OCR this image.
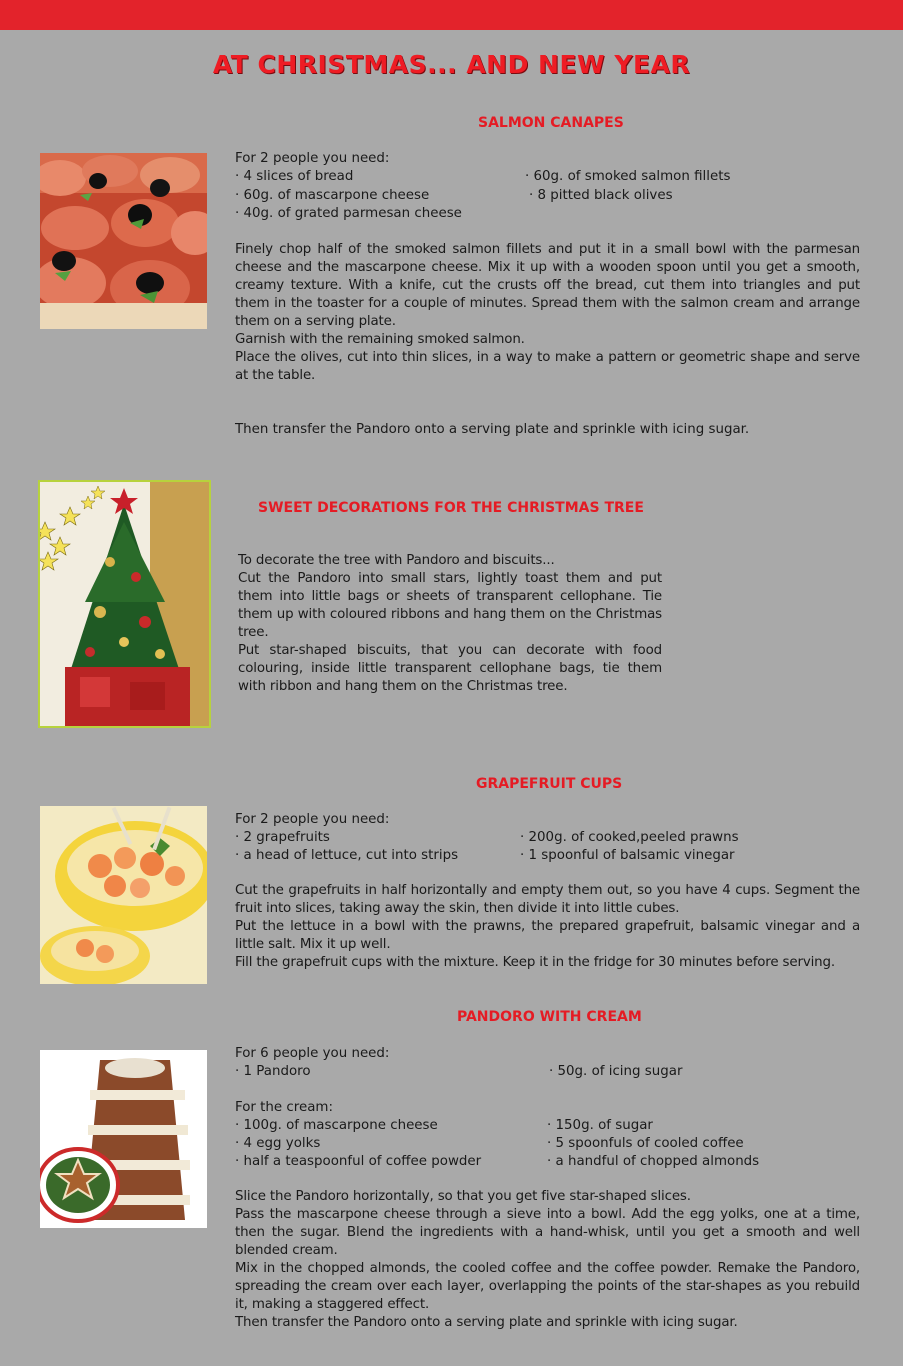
AT CHRISTMAS... AND NEW YEAR
SALMON CANAPES
For 2 people you need:
· 4 slices of bread
· 60g. of mascarpone cheese
· 40g. of grated parmesan cheese
· 60g. of smoked salmon fillets
· 8 pitted black olives

Finely chop half of the smoked salmon fillets and put it in a small bowl with the parmesan cheese and the mascarpone cheese. Mix it up with a wooden spoon until you get a smooth, creamy texture. With a knife, cut the crusts off the bread, cut them into triangles and put them in the toaster for a couple of minutes. Spread them with the salmon cream and arrange them on a serving plate.

Garnish with the remaining smoked salmon.

Place the olives, cut into thin slices, in a way to make a pattern or geometric shape and serve at the table.

Then transfer the Pandoro onto a serving plate and sprinkle with icing sugar.
SWEET DECORATIONS FOR THE CHRISTMAS TREE

To decorate the tree with Pandoro and biscuits...

Cut the Pandoro into small stars, lightly toast them and put them into little bags or sheets of transparent cellophane. Tie them up with coloured ribbons and hang them on the Christmas tree.

Put star-shaped biscuits, that you can decorate with food colouring, inside little transparent cellophane bags, tie them with ribbon and hang them on the Christmas tree.

GRAPEFRUIT CUPS
For 2 people you need:
· 2 grapefruits
· a head of lettuce, cut into strips
· 200g. of cooked,peeled prawns
· 1 spoonful of balsamic vinegar

Cut the grapefruits in half horizontally and empty them out, so you have 4 cups. Segment the fruit into slices, taking away the skin, then divide it into little cubes.

Put the lettuce in a bowl with the prawns, the prepared grapefruit, balsamic vinegar and a little salt. Mix it up well.

Fill the grapefruit cups with the mixture. Keep it in the fridge for 30 minutes before serving.

PANDORO WITH CREAM
For 6 people you need:
· 1 Pandoro	· 50g. of icing sugar
For the cream:
· 100g. of mascarpone cheese
· 4 egg yolks
· half a teaspoonful of coffee powder
· 150g. of sugar
· 5 spoonfuls of cooled coffee
· a handful of chopped almonds

Slice the Pandoro horizontally, so that you get five star-shaped slices.

Pass the mascarpone cheese through a sieve into a bowl. Add the egg yolks, one at a time, then the sugar. Blend the ingredients with a hand-whisk, until you get a smooth and well blended cream.

Mix in the chopped almonds, the cooled coffee and the coffee powder. Remake the Pandoro, spreading the cream over each layer, overlapping the points of the star-shapes as you rebuild it, making a staggered effect.

Then transfer the Pandoro onto a serving plate and sprinkle with icing sugar.
